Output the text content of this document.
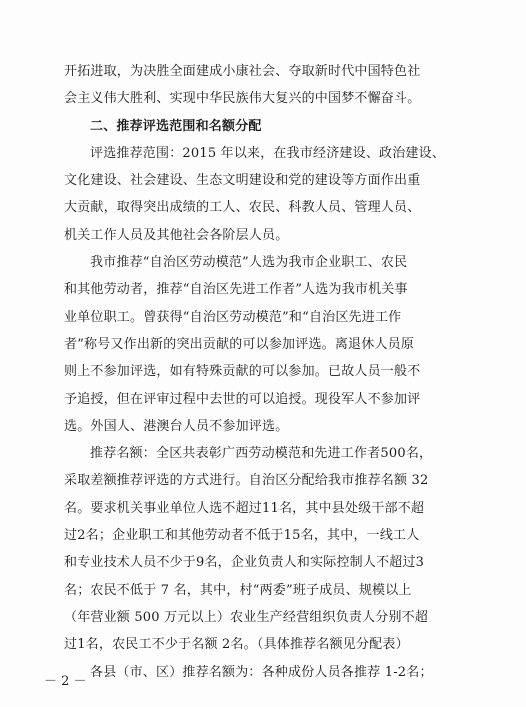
开拓进取，为决胜全面建成小康社会、夺取新时代中国特色社
会主义伟大胜利、实现中华民族伟大复兴的中国梦不懈奋斗。
二、推荐评选范围和名额分配
评选推荐范围：2015 年以来，在我市经济建设、政治建设、
文化建设、社会建设、生态文明建设和党的建设等方面作出重
大贡献，取得突出成绩的工人、农民、科教人员、管理人员、
机关工作人员及其他社会各阶层人员。
我市推荐“自治区劳动模范”人选为我市企业职工、农民
和其他劳动者，推荐“自治区先进工作者”人选为我市机关事
业单位职工。曾获得“自治区劳动模范”和“自治区先进工作
者”称号又作出新的突出贡献的可以参加评选。离退休人员原
则上不参加评选，如有特殊贡献的可以参加。已故人员一般不
予追授，但在评审过程中去世的可以追授。现役军人不参加评
选。外国人、港澳台人员不参加评选。
推荐名额：全区共表彰广西劳动模范和先进工作者500名，
采取差额推荐评选的方式进行。自治区分配给我市推荐名额 32
名。要求机关事业单位人选不超过11名，其中县处级干部不超
过2名；企业职工和其他劳动者不低于15名，其中，一线工人
和专业技术人员不少于9名，企业负责人和实际控制人不超过3
名；农民不低于 7 名，其中，村“两委”班子成员、规模以上
（年营业额 500 万元以上）农业生产经营组织负责人分别不超
过1名，农民工不少于名额 2名。（具体推荐名额见分配表）
各县（市、区）推荐名额为：各种成份人员各推荐 1-2名；
－ 2 －
